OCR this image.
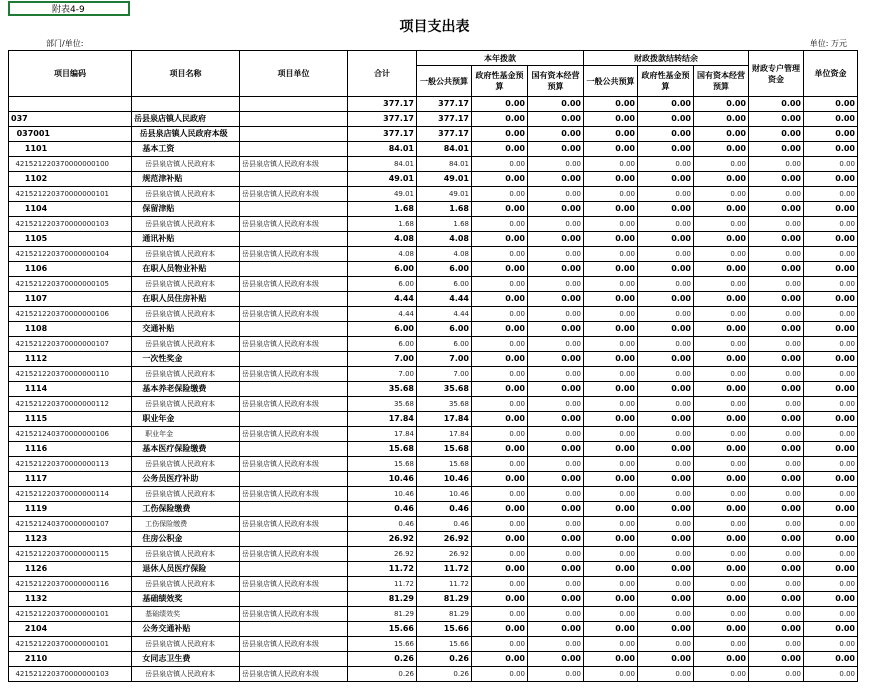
附表4-9
项目支出表
部门/单位:	单位: 万元
项目编码	项目名称	项目单位	合计	本年拨款			财政拨款结转结余			财政专户管理资金	单位资金
				一般公共预算	政府性基金预算	国有资本经营预算	一般公共预算	政府性基金预算	国有资本经营预算		
			377.17	377.17	0.00	0.00	0.00	0.00	0.00	0.00	0.00
037	岳县泉店镇人民政府		377.17	377.17	0.00	0.00	0.00	0.00	0.00	0.00	0.00
037001	岳县泉店镇人民政府本级		377.17	377.17	0.00	0.00	0.00	0.00	0.00	0.00	0.00
1101	基本工资		84.01	84.01	0.00	0.00	0.00	0.00	0.00	0.00	0.00
421521220370000000100	岳县泉店镇人民政府本	岳县泉店镇人民政府本级	84.01	84.01	0.00	0.00	0.00	0.00	0.00	0.00	0.00
1102	规范津补贴		49.01	49.01	0.00	0.00	0.00	0.00	0.00	0.00	0.00
421521220370000000101	岳县泉店镇人民政府本	岳县泉店镇人民政府本级	49.01	49.01	0.00	0.00	0.00	0.00	0.00	0.00	0.00
1104	保留津贴		1.68	1.68	0.00	0.00	0.00	0.00	0.00	0.00	0.00
421521220370000000103	岳县泉店镇人民政府本	岳县泉店镇人民政府本级	1.68	1.68	0.00	0.00	0.00	0.00	0.00	0.00	0.00
1105	通讯补贴		4.08	4.08	0.00	0.00	0.00	0.00	0.00	0.00	0.00
421521220370000000104	岳县泉店镇人民政府本	岳县泉店镇人民政府本级	4.08	4.08	0.00	0.00	0.00	0.00	0.00	0.00	0.00
1106	在职人员物业补贴		6.00	6.00	0.00	0.00	0.00	0.00	0.00	0.00	0.00
421521220370000000105	岳县泉店镇人民政府本	岳县泉店镇人民政府本级	6.00	6.00	0.00	0.00	0.00	0.00	0.00	0.00	0.00
1107	在职人员住房补贴		4.44	4.44	0.00	0.00	0.00	0.00	0.00	0.00	0.00
421521220370000000106	岳县泉店镇人民政府本	岳县泉店镇人民政府本级	4.44	4.44	0.00	0.00	0.00	0.00	0.00	0.00	0.00
1108	交通补贴		6.00	6.00	0.00	0.00	0.00	0.00	0.00	0.00	0.00
421521220370000000107	岳县泉店镇人民政府本	岳县泉店镇人民政府本级	6.00	6.00	0.00	0.00	0.00	0.00	0.00	0.00	0.00
1112	一次性奖金		7.00	7.00	0.00	0.00	0.00	0.00	0.00	0.00	0.00
421521220370000000110	岳县泉店镇人民政府本	岳县泉店镇人民政府本级	7.00	7.00	0.00	0.00	0.00	0.00	0.00	0.00	0.00
1114	基本养老保险缴费		35.68	35.68	0.00	0.00	0.00	0.00	0.00	0.00	0.00
421521220370000000112	岳县泉店镇人民政府本	岳县泉店镇人民政府本级	35.68	35.68	0.00	0.00	0.00	0.00	0.00	0.00	0.00
1115	职业年金		17.84	17.84	0.00	0.00	0.00	0.00	0.00	0.00	0.00
421521240370000000106	职业年金	岳县泉店镇人民政府本级	17.84	17.84	0.00	0.00	0.00	0.00	0.00	0.00	0.00
1116	基本医疗保险缴费		15.68	15.68	0.00	0.00	0.00	0.00	0.00	0.00	0.00
421521220370000000113	岳县泉店镇人民政府本	岳县泉店镇人民政府本级	15.68	15.68	0.00	0.00	0.00	0.00	0.00	0.00	0.00
1117	公务员医疗补助		10.46	10.46	0.00	0.00	0.00	0.00	0.00	0.00	0.00
421521220370000000114	岳县泉店镇人民政府本	岳县泉店镇人民政府本级	10.46	10.46	0.00	0.00	0.00	0.00	0.00	0.00	0.00
1119	工伤保险缴费		0.46	0.46	0.00	0.00	0.00	0.00	0.00	0.00	0.00
421521240370000000107	工伤保险缴费	岳县泉店镇人民政府本级	0.46	0.46	0.00	0.00	0.00	0.00	0.00	0.00	0.00
1123	住房公积金		26.92	26.92	0.00	0.00	0.00	0.00	0.00	0.00	0.00
421521220370000000115	岳县泉店镇人民政府本	岳县泉店镇人民政府本级	26.92	26.92	0.00	0.00	0.00	0.00	0.00	0.00	0.00
1126	退休人员医疗保险		11.72	11.72	0.00	0.00	0.00	0.00	0.00	0.00	0.00
421521220370000000116	岳县泉店镇人民政府本	岳县泉店镇人民政府本级	11.72	11.72	0.00	0.00	0.00	0.00	0.00	0.00	0.00
1132	基础绩效奖		81.29	81.29	0.00	0.00	0.00	0.00	0.00	0.00	0.00
421521220370000000101	基础绩效奖	岳县泉店镇人民政府本级	81.29	81.29	0.00	0.00	0.00	0.00	0.00	0.00	0.00
2104	公务交通补贴		15.66	15.66	0.00	0.00	0.00	0.00	0.00	0.00	0.00
421521220370000000101	岳县泉店镇人民政府本	岳县泉店镇人民政府本级	15.66	15.66	0.00	0.00	0.00	0.00	0.00	0.00	0.00
2110	女同志卫生费		0.26	0.26	0.00	0.00	0.00	0.00	0.00	0.00	0.00
421521220370000000103	岳县泉店镇人民政府本	岳县泉店镇人民政府本级	0.26	0.26	0.00	0.00	0.00	0.00	0.00	0.00	0.00
